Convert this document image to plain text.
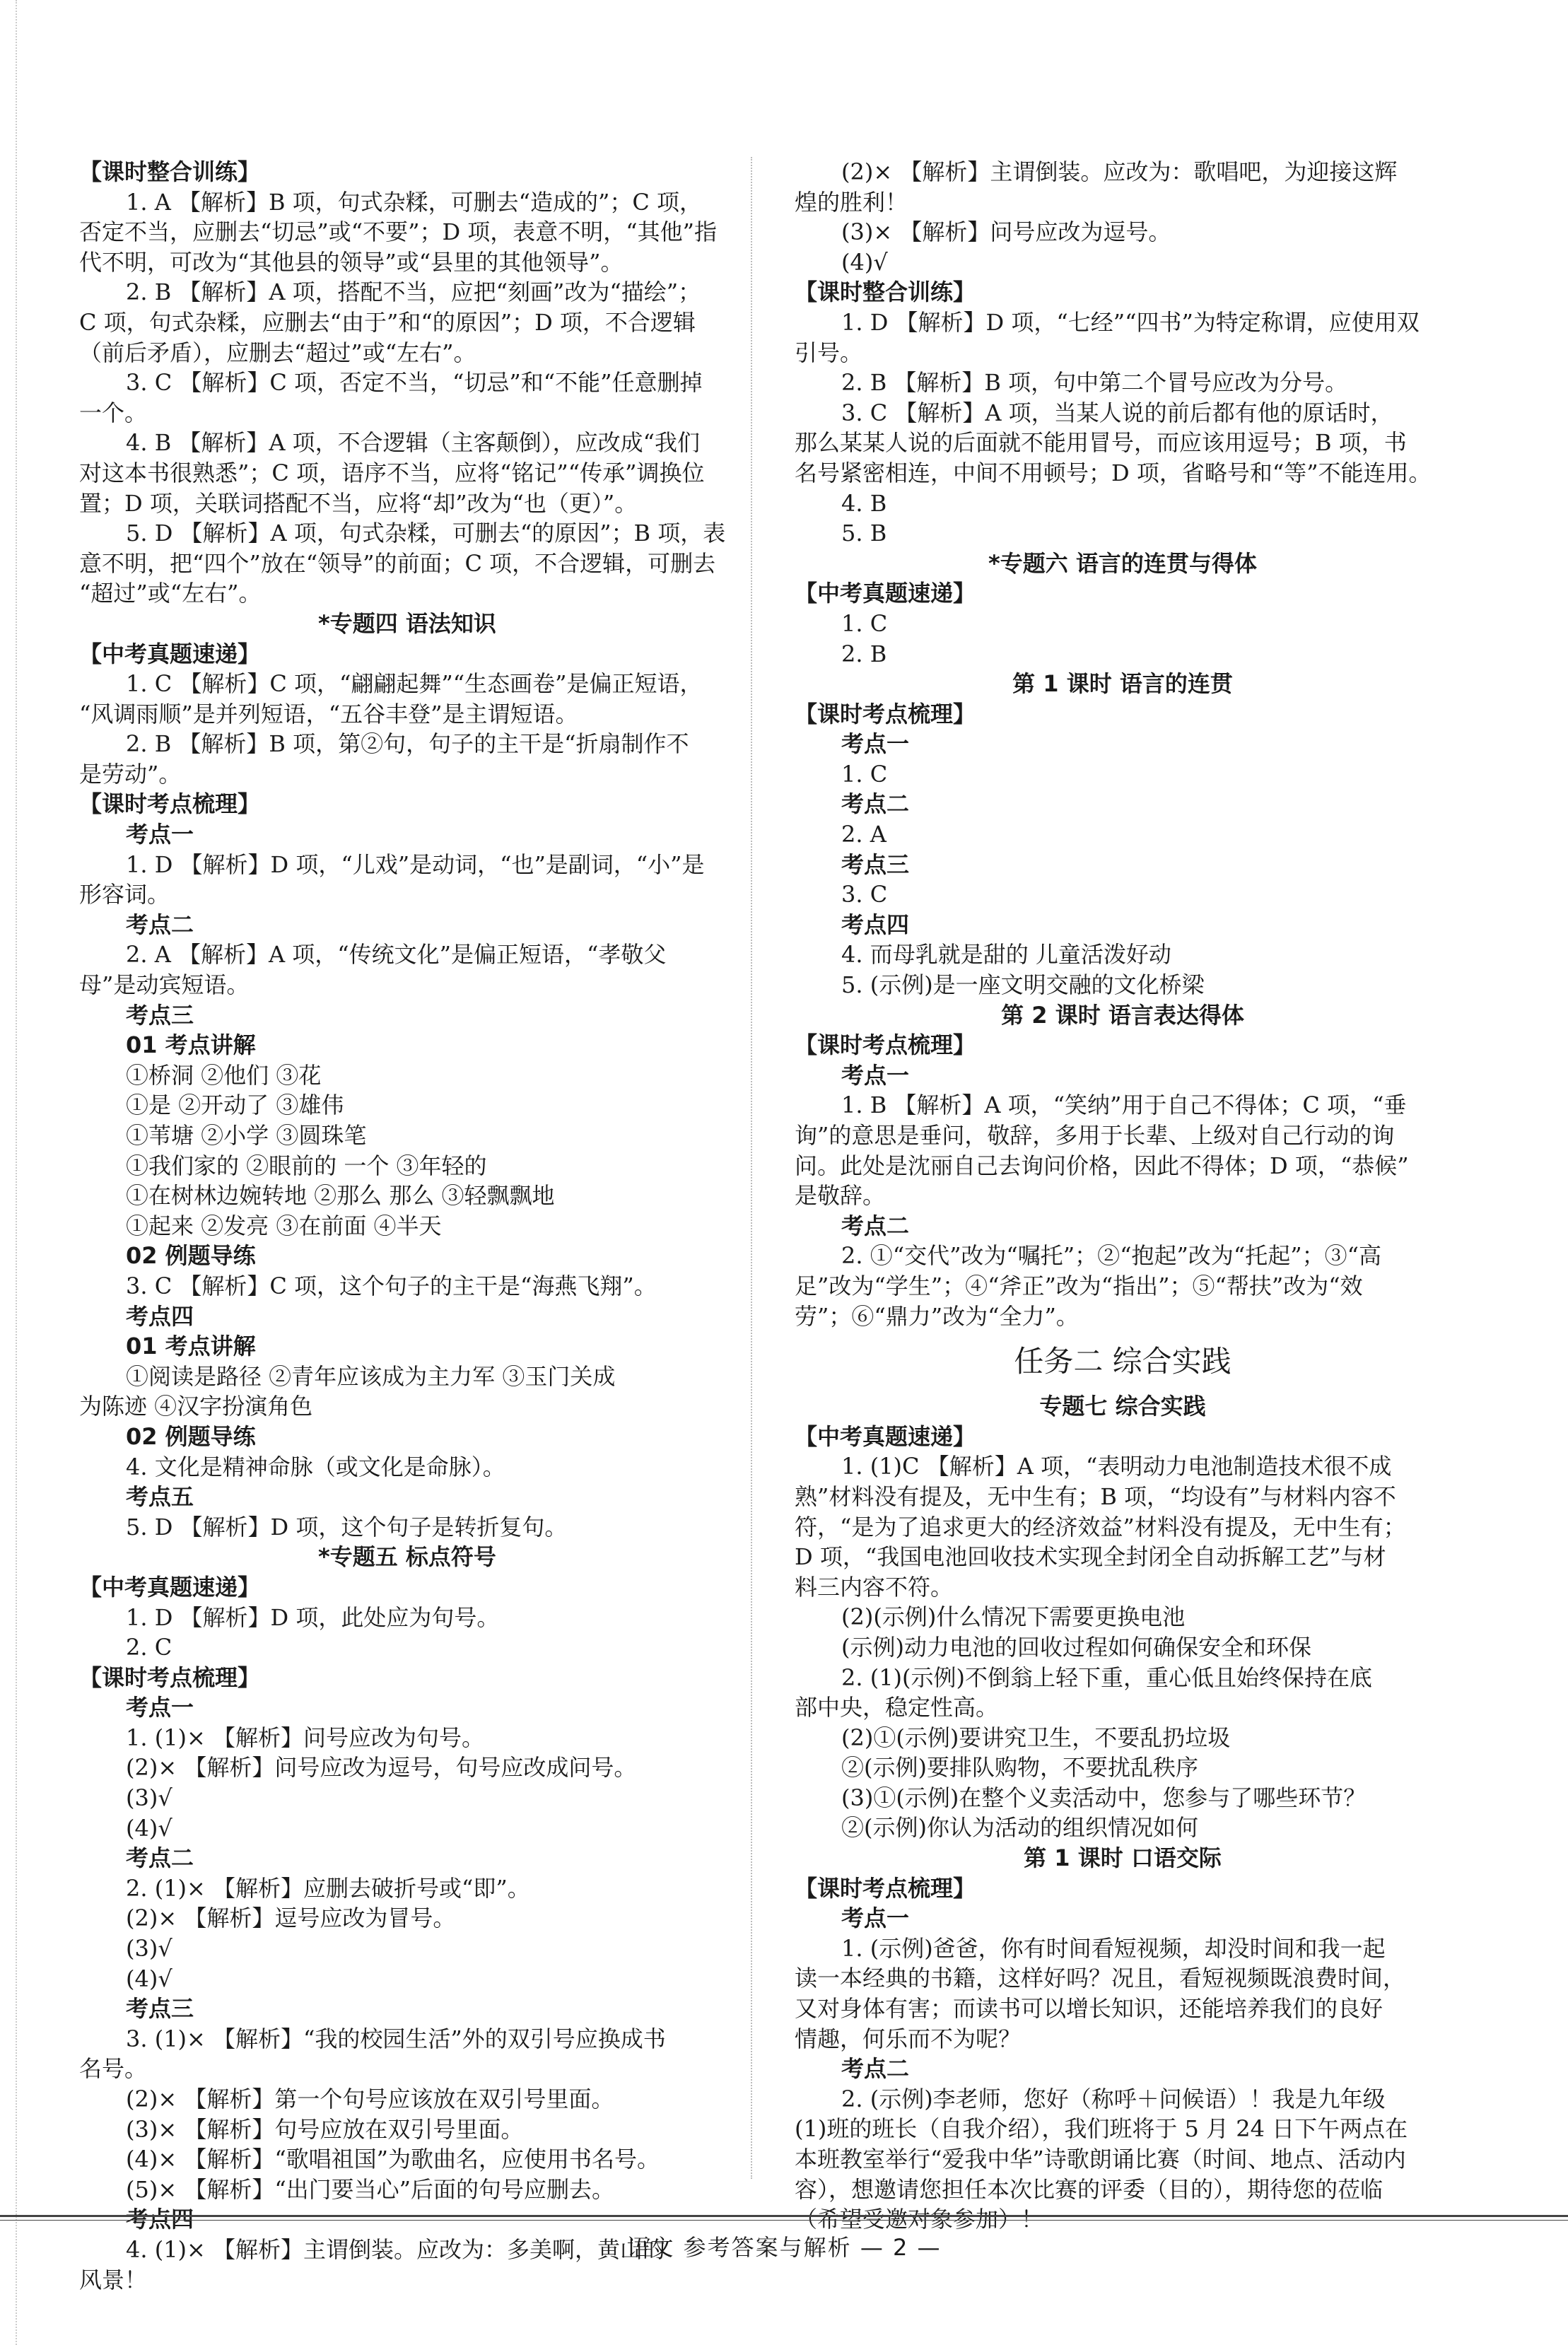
【课时整合训练】
1. A 【解析】B 项，句式杂糅，可删去“造成的”；C 项，
否定不当，应删去“切忌”或“不要”；D 项，表意不明，“其他”指
代不明，可改为“其他县的领导”或“县里的其他领导”。
2. B 【解析】A 项，搭配不当，应把“刻画”改为“描绘”；
C 项，句式杂糅，应删去“由于”和“的原因”；D 项，不合逻辑
（前后矛盾），应删去“超过”或“左右”。
3. C 【解析】C 项，否定不当，“切忌”和“不能”任意删掉
一个。
4. B 【解析】A 项，不合逻辑（主客颠倒），应改成“我们
对这本书很熟悉”；C 项，语序不当，应将“铭记”“传承”调换位
置；D 项，关联词搭配不当，应将“却”改为“也（更）”。
5. D 【解析】A 项，句式杂糅，可删去“的原因”；B 项，表
意不明，把“四个”放在“领导”的前面；C 项，不合逻辑，可删去
“超过”或“左右”。
*专题四 语法知识
【中考真题速递】
1. C 【解析】C 项，“翩翩起舞”“生态画卷”是偏正短语，
“风调雨顺”是并列短语，“五谷丰登”是主谓短语。
2. B 【解析】B 项，第②句，句子的主干是“折扇制作不
是劳动”。
【课时考点梳理】
考点一
1. D 【解析】D 项，“儿戏”是动词，“也”是副词，“小”是
形容词。
考点二
2. A 【解析】A 项，“传统文化”是偏正短语，“孝敬父
母”是动宾短语。
考点三
01 考点讲解
①桥洞 ②他们 ③花
①是 ②开动了 ③雄伟
①苇塘 ②小学 ③圆珠笔
①我们家的 ②眼前的 一个 ③年轻的
①在树林边婉转地 ②那么 那么 ③轻飘飘地
①起来 ②发亮 ③在前面 ④半天
02 例题导练
3. C 【解析】C 项，这个句子的主干是“海燕飞翔”。
考点四
01 考点讲解
①阅读是路径 ②青年应该成为主力军 ③玉门关成
为陈迹 ④汉字扮演角色
02 例题导练
4. 文化是精神命脉（或文化是命脉）。
考点五
5. D 【解析】D 项，这个句子是转折复句。
*专题五 标点符号
【中考真题速递】
1. D 【解析】D 项，此处应为句号。
2. C
【课时考点梳理】
考点一
1. (1)× 【解析】问号应改为句号。
(2)× 【解析】问号应改为逗号，句号应改成问号。
(3)√
(4)√
考点二
2. (1)× 【解析】应删去破折号或“即”。
(2)× 【解析】逗号应改为冒号。
(3)√
(4)√
考点三
3. (1)× 【解析】“我的校园生活”外的双引号应换成书
名号。
(2)× 【解析】第一个句号应该放在双引号里面。
(3)× 【解析】句号应放在双引号里面。
(4)× 【解析】“歌唱祖国”为歌曲名，应使用书名号。
(5)× 【解析】“出门要当心”后面的句号应删去。
4. (1)× 【解析】主谓倒装。应改为：多美啊，黄山的
风景！
(2)× 【解析】主谓倒装。应改为：歌唱吧，为迎接这辉
煌的胜利！
(3)× 【解析】问号应改为逗号。
(4)√
【课时整合训练】
1. D 【解析】D 项，“七经”“四书”为特定称谓，应使用双
引号。
2. B 【解析】B 项，句中第二个冒号应改为分号。
3. C 【解析】A 项，当某人说的前后都有他的原话时，
那么某某人说的后面就不能用冒号，而应该用逗号；B 项，书
名号紧密相连，中间不用顿号；D 项，省略号和“等”不能连用。
4. B
5. B
*专题六 语言的连贯与得体
【中考真题速递】
1. C
2. B
第 1 课时 语言的连贯
【课时考点梳理】
考点一
1. C
考点二
2. A
考点三
3. C
考点四
4. 而母乳就是甜的 儿童活泼好动
5. (示例)是一座文明交融的文化桥梁
第 2 课时 语言表达得体
【课时考点梳理】
考点一
1. B 【解析】A 项，“笑纳”用于自己不得体；C 项，“垂
询”的意思是垂问，敬辞，多用于长辈、上级对自己行动的询
问。此处是沈丽自己去询问价格，因此不得体；D 项，“恭候”
是敬辞。
考点二
2. ①“交代”改为“嘱托”；②“抱起”改为“托起”；③“高
足”改为“学生”；④“斧正”改为“指出”；⑤“帮扶”改为“效
劳”；⑥“鼎力”改为“全力”。
任务二 综合实践
专题七 综合实践
【中考真题速递】
1. (1)C 【解析】A 项，“表明动力电池制造技术很不成
熟”材料没有提及，无中生有；B 项，“均设有”与材料内容不
符，“是为了追求更大的经济效益”材料没有提及，无中生有；
D 项，“我国电池回收技术实现全封闭全自动拆解工艺”与材
料三内容不符。
(2)(示例)什么情况下需要更换电池
(示例)动力电池的回收过程如何确保安全和环保
2. (1)(示例)不倒翁上轻下重，重心低且始终保持在底
部中央，稳定性高。
(2)①(示例)要讲究卫生，不要乱扔垃圾
②(示例)要排队购物，不要扰乱秩序
(3)①(示例)在整个义卖活动中，您参与了哪些环节？
②(示例)你认为活动的组织情况如何
第 1 课时 口语交际
【课时考点梳理】
考点一
1. (示例)爸爸，你有时间看短视频，却没时间和我一起
读一本经典的书籍，这样好吗？况且，看短视频既浪费时间，
又对身体有害；而读书可以增长知识，还能培养我们的良好
情趣，何乐而不为呢？
考点二
2. (示例)李老师，您好（称呼＋问候语）！我是九年级
(1)班的班长（自我介绍），我们班将于 5 月 24 日下午两点在
本班教室举行“爱我中华”诗歌朗诵比赛（时间、地点、活动内
容），想邀请您担任本次比赛的评委（目的），期待您的莅临
语文 参考答案与解析 — 2 —
